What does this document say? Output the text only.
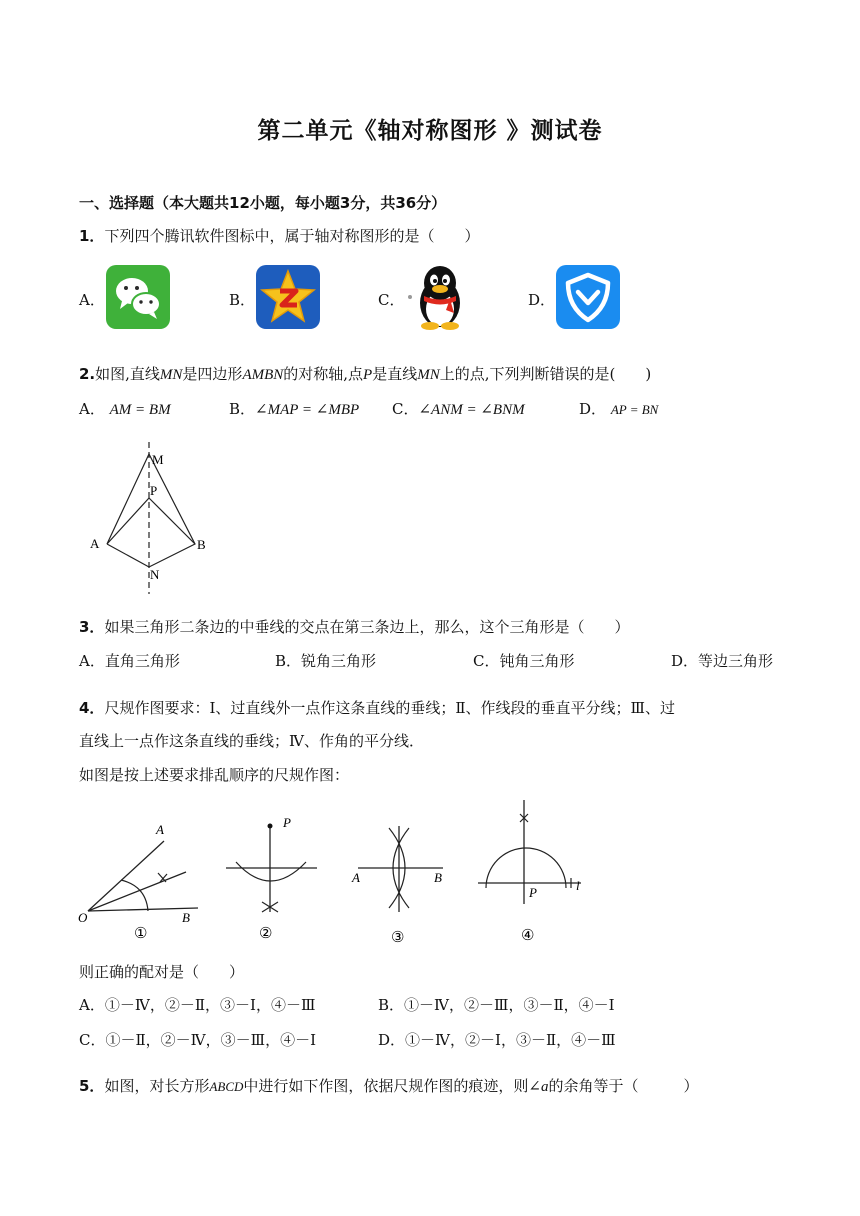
第二单元《轴对称图形 》测试卷
一、选择题（本大题共12小题，每小题3分，共36分）
1．下列四个腾讯软件图标中，属于轴对称图形的是（　　）
A．	B．	C．	D．
2.如图,直线MN是四边形AMBN的对称轴,点P是直线MN上的点,下列判断错误的是(　　)
A． AM = BM	B．∠MAP = ∠MBP C．∠ANM = ∠BNM	D． AP = BN
M
P
A	B
N
3．如果三角形二条边的中垂线的交点在第三条边上，那么，这个三角形是（　　）
A．直角三角形	B．锐角三角形	C．钝角三角形	D．等边三角形
4．尺规作图要求：Ⅰ、过直线外一点作这条直线的垂线；Ⅱ、作线段的垂直平分线；Ⅲ、过
直线上一点作这条直线的垂线；Ⅳ、作角的平分线．
如图是按上述要求排乱顺序的尺规作图：
A
O	B
①
P
②
A	B
③
P	l
④
则正确的配对是（　　）
A．①－Ⅳ，②－Ⅱ，③－Ⅰ，④－Ⅲ	B．①－Ⅳ，②－Ⅲ，③－Ⅱ，④－Ⅰ
C．①－Ⅱ，②－Ⅳ，③－Ⅲ，④－Ⅰ	D．①－Ⅳ，②－Ⅰ，③－Ⅱ，④－Ⅲ
5．如图，对长方形ABCD中进行如下作图，依据尺规作图的痕迹，则∠a的余角等于（　　　）
